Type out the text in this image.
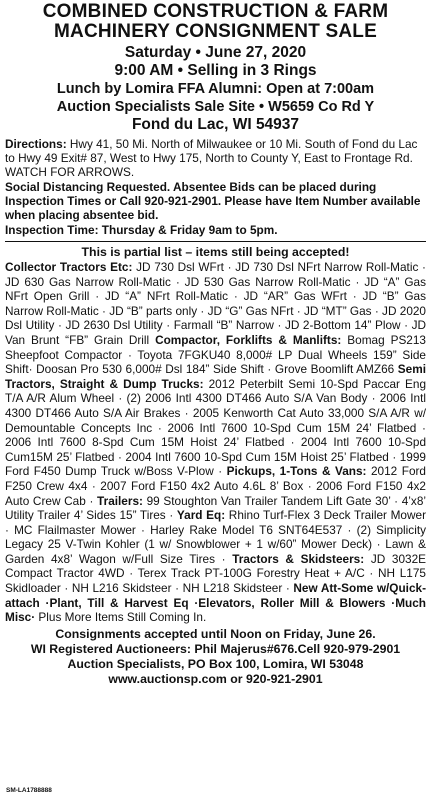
COMBINED CONSTRUCTION & FARM
MACHINERY CONSIGNMENT SALE
Saturday • June 27, 2020
9:00 AM • Selling in 3 Rings
Lunch by Lomira FFA Alumni: Open at 7:00am
Auction Specialists Sale Site • W5659 Co Rd Y
Fond du Lac, WI 54937
Directions: Hwy 41, 50 Mi. North of Milwaukee or 10 Mi. South of Fond du Lac to Hwy 49 Exit# 87, West to Hwy 175, North to County Y, East to Frontage Rd. WATCH FOR ARROWS.
Social Distancing Requested. Absentee Bids can be placed during Inspection Times or Call 920-921-2901. Please have Item Number available when placing absentee bid.
Inspection Time: Thursday & Friday 9am to 5pm.
This is partial list – items still being accepted!

Collector Tractors Etc: JD 730 Dsl WFrt · JD 730 Dsl NFrt Narrow Roll-Matic · JD 630 Gas Narrow Roll-Matic · JD 530 Gas Narrow Roll-Matic · JD “A” Gas NFrt Open Grill · JD “A” NFrt Roll-Matic · JD “AR” Gas WFrt · JD “B” Gas Narrow Roll-Matic · JD “B” parts only · JD “G” Gas NFrt · JD “MT” Gas · JD 2020 Dsl Utility · JD 2630 Dsl Utility · Farmall “B” Narrow · JD 2-Bottom 14” Plow · JD Van Brunt “FB” Grain Drill Compactor, Forklifts & Manlifts: Bomag PS213 Sheepfoot Compactor · Toyota 7FGKU40 8,000# LP Dual Wheels 159” Side Shift· Doosan Pro 530 6,000# Dsl 184” Side Shift · Grove Boomlift AMZ66 Semi Tractors, Straight & Dump Trucks: 2012 Peterbilt Semi 10-Spd Paccar Eng T/A A/R Alum Wheel · (2) 2006 Intl 4300 DT466 Auto S/A Van Body · 2006 Intl 4300 DT466 Auto S/A Air Brakes · 2005 Kenworth Cat Auto 33,000 S/A A/R w/ Demountable Concepts Inc · 2006 Intl 7600 10-Spd Cum 15M 24’ Flatbed · 2006 Intl 7600 8-Spd Cum 15M Hoist 24’ Flatbed · 2004 Intl 7600 10-Spd Cum15M 25’ Flatbed · 2004 Intl 7600 10-Spd Cum 15M Hoist 25’ Flatbed · 1999 Ford F450 Dump Truck w/Boss V-Plow · Pickups, 1-Tons & Vans: 2012 Ford F250 Crew 4x4 · 2007 Ford F150 4x2 Auto 4.6L 8’ Box · 2006 Ford F150 4x2 Auto Crew Cab · Trailers: 99 Stoughton Van Trailer Tandem Lift Gate 30’ · 4’x8’ Utility Trailer 4’ Sides 15” Tires · Yard Eq: Rhino Turf-Flex 3 Deck Trailer Mower · MC Flailmaster Mower · Harley Rake Model T6 SNT64E537 · (2) Simplicity Legacy 25 V-Twin Kohler (1 w/ Snowblower + 1 w/60” Mower Deck) · Lawn & Garden 4x8’ Wagon w/Full Size Tires · Tractors & Skidsteers: JD 3032E Compact Tractor 4WD · Terex Track PT-100G Forestry Heat + A/C · NH L175 Skidloader · NH L216 Skidsteer · NH L218 Skidsteer · New Att-Some w/Quick-attach ·Plant, Till & Harvest Eq ·Elevators, Roller Mill & Blowers ·Much Misc· Plus More Items Still Coming In.

Consignments accepted until Noon on Friday, June 26.
WI Registered Auctioneers: Phil Majerus#676.Cell 920-979-2901
Auction Specialists, PO Box 100, Lomira, WI 53048
www.auctionsp.com or 920-921-2901
SM-LA1788888
